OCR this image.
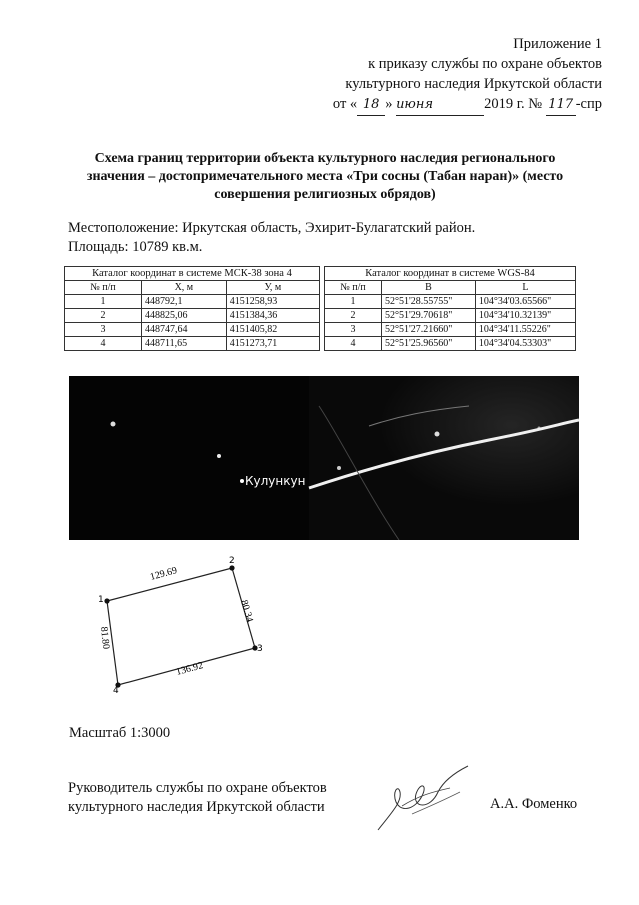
Приложение 1
к приказу службы по охране объектов
культурного наследия Иркутской области
от « 18 » июня	2019 г. № 117 -спр
Схема границ территории объекта культурного наследия регионального значения – достопримечательного места «Три сосны (Табан наран)» (место совершения религиозных обрядов)
Местоположение: Иркутская область, Эхирит-Булагатский район.
Площадь: 10789 кв.м.
Каталог координат в системе МСК-38 зона 4		
№ п/п	X, м	У, м
1	448792,1	4151258,93
2	448825,06	4151384,36
3	448747,64	4151405,82
4	448711,65	4151273,71
Каталог координат в системе WGS-84		
№ п/п	B	L
1	52°51'28.55755"	104°34'03.65566"
2	52°51'29.70618"	104°34'10.32139"
3	52°51'27.21660"	104°34'11.55226"
4	52°51'25.96560"	104°34'04.53303"
Кулункун
1
2
3
4
129.69
80.34
136.92
81.80
Масштаб 1:3000
Руководитель службы по охране объектов
культурного наследия Иркутской области	А.А. Фоменко
